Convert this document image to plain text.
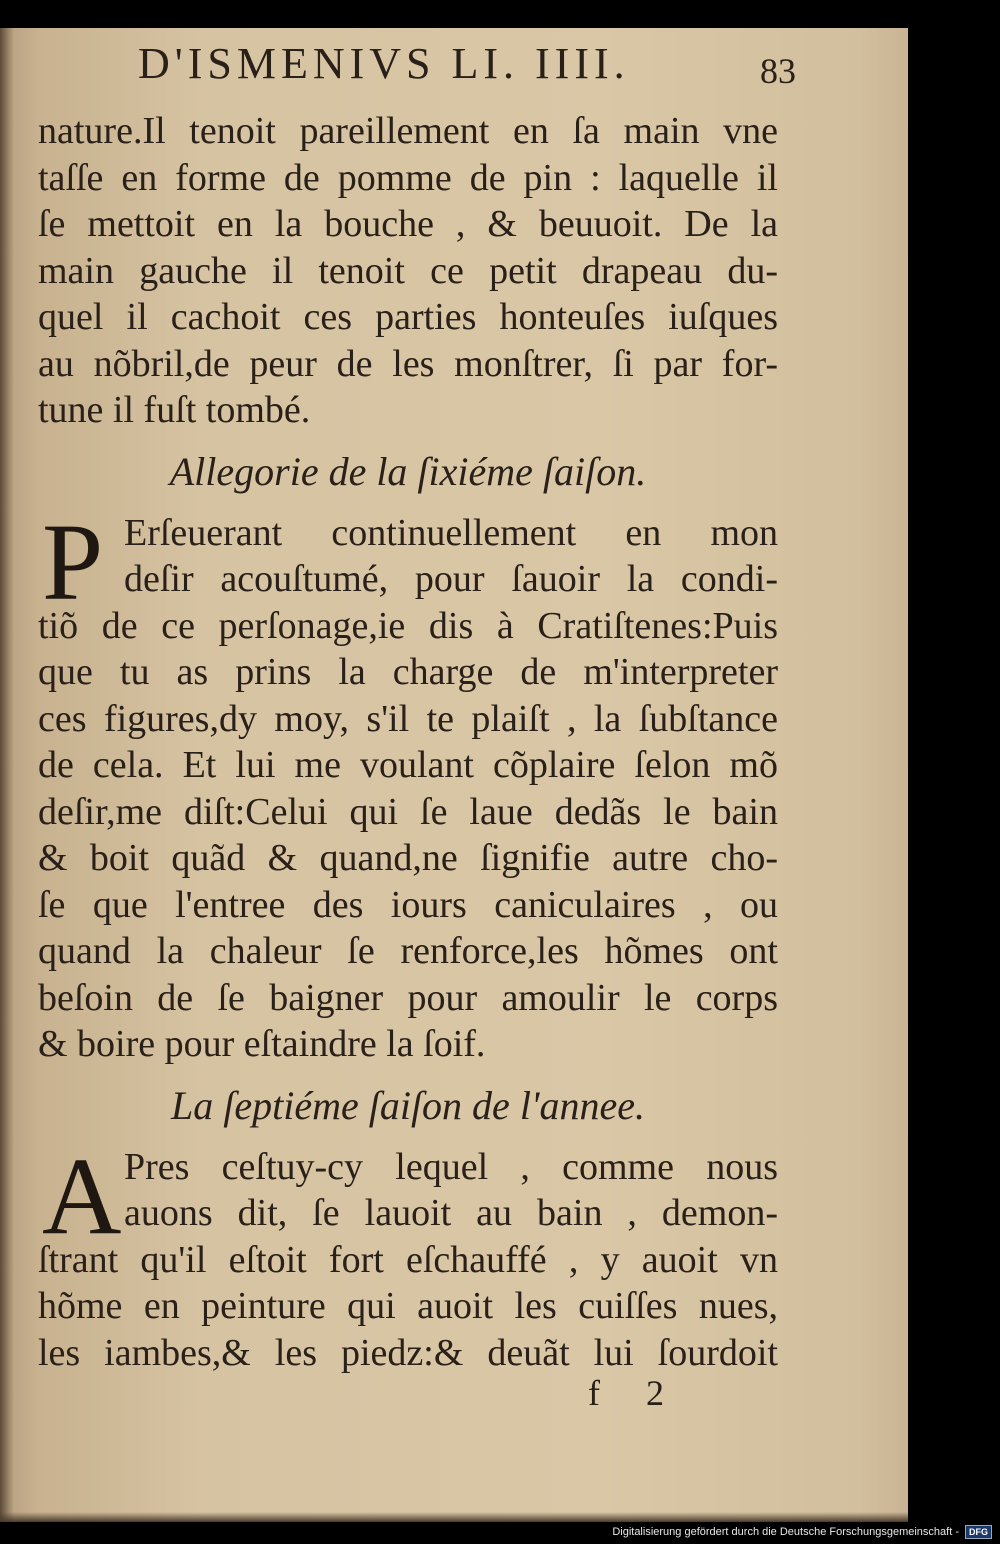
D'ISMENIVS LI. IIII.	83
nature.Il tenoit pareillement en ſa main vne
taſſe en forme de pomme de pin : laquelle il
ſe mettoit en la bouche , & beuuoit. De la
main gauche il tenoit ce petit drapeau du-
quel il cachoit ces parties honteuſes iuſques
au nõbril,de peur de les monſtrer, ſi par for-
tune il fuſt tombé.
Allegorie de la ſixiéme ſaiſon.
P Erſeuerant continuellement en mon
deſir acouſtumé, pour ſauoir la condi-
tiõ de ce perſonage,ie dis à Cratiſtenes:Puis
que tu as prins la charge de m'interpreter
ces figures,dy moy, s'il te plaiſt , la ſubſtance
de cela. Et lui me voulant cõplaire ſelon mõ
deſir,me diſt:Celui qui ſe laue dedãs le bain
& boit quãd & quand,ne ſignifie autre cho-
ſe que l'entree des iours caniculaires , ou
quand la chaleur ſe renforce,les hõmes ont
beſoin de ſe baigner pour amoulir le corps
& boire pour eſtaindre la ſoif.
La ſeptiéme ſaiſon de l'annee.
A Pres ceſtuy-cy lequel , comme nous
auons dit, ſe lauoit au bain , demon-
ſtrant qu'il eſtoit fort eſchauffé , y auoit vn
hõme en peinture qui auoit les cuiſſes nues,
les iambes,& les piedz:& deuãt lui ſourdoit
f 2
Digitalisierung gefördert durch die Deutsche Forschungsgemeinschaft -	DFG
